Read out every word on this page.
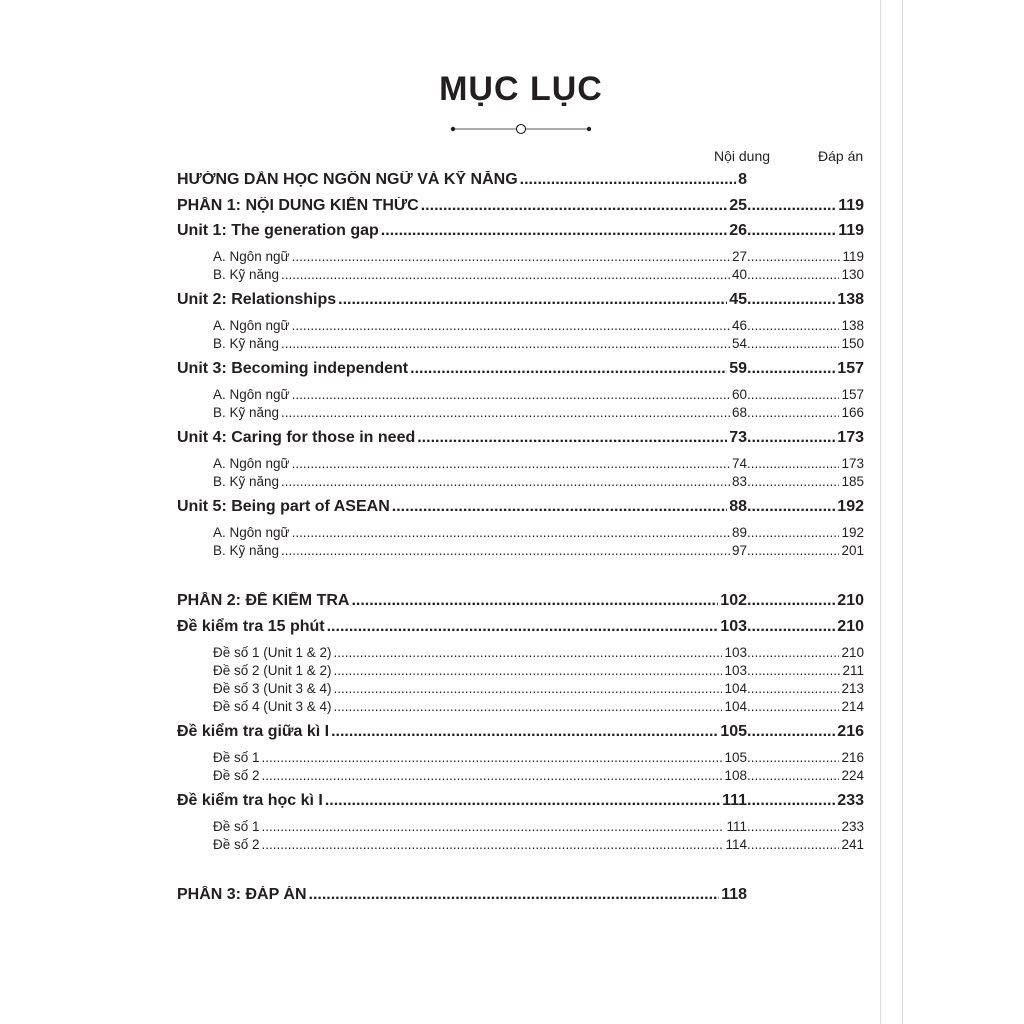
MỤC LỤC
Nội dung	Đáp án
HƯỚNG DẪN HỌC NGÔN NGỮ VÀ KỸ NĂNG .....	8
PHẦN 1: NỘI DUNG KIẾN THỨC .....	25 .....	119
Unit 1: The generation gap .....	26 .....	119
A. Ngôn ngữ .....	27 .....	119
B. Kỹ năng .....	40 .....	130
Unit 2: Relationships .....	45 .....	138
A. Ngôn ngữ .....	46 .....	138
B. Kỹ năng .....	54 .....	150
Unit 3: Becoming independent .....	59 .....	157
A. Ngôn ngữ .....	60 .....	157
B. Kỹ năng .....	68 .....	166
Unit 4: Caring for those in need .....	73 .....	173
A. Ngôn ngữ .....	74 .....	173
B. Kỹ năng .....	83 .....	185
Unit 5: Being part of ASEAN .....	88 .....	192
A. Ngôn ngữ .....	89 .....	192
B. Kỹ năng .....	97 .....	201
PHẦN 2: ĐỀ KIỂM TRA .....	102 .....	210
Đề kiểm tra 15 phút .....	103 .....	210
Đề số 1 (Unit 1 & 2) .....	103 .....	210
Đề số 2 (Unit 1 & 2) .....	103 .....	211
Đề số 3 (Unit 3 & 4) .....	104 .....	213
Đề số 4 (Unit 3 & 4) .....	104 .....	214
Đề kiểm tra giữa kì I .....	105 .....	216
Đề số 1 .....	105 .....	216
Đề số 2 .....	108 .....	224
Đề kiểm tra học kì I .....	111 .....	233
Đề số 1 .....	111 .....	233
Đề số 2 .....	114 .....	241
PHẦN 3: ĐÁP ÁN .....	118
